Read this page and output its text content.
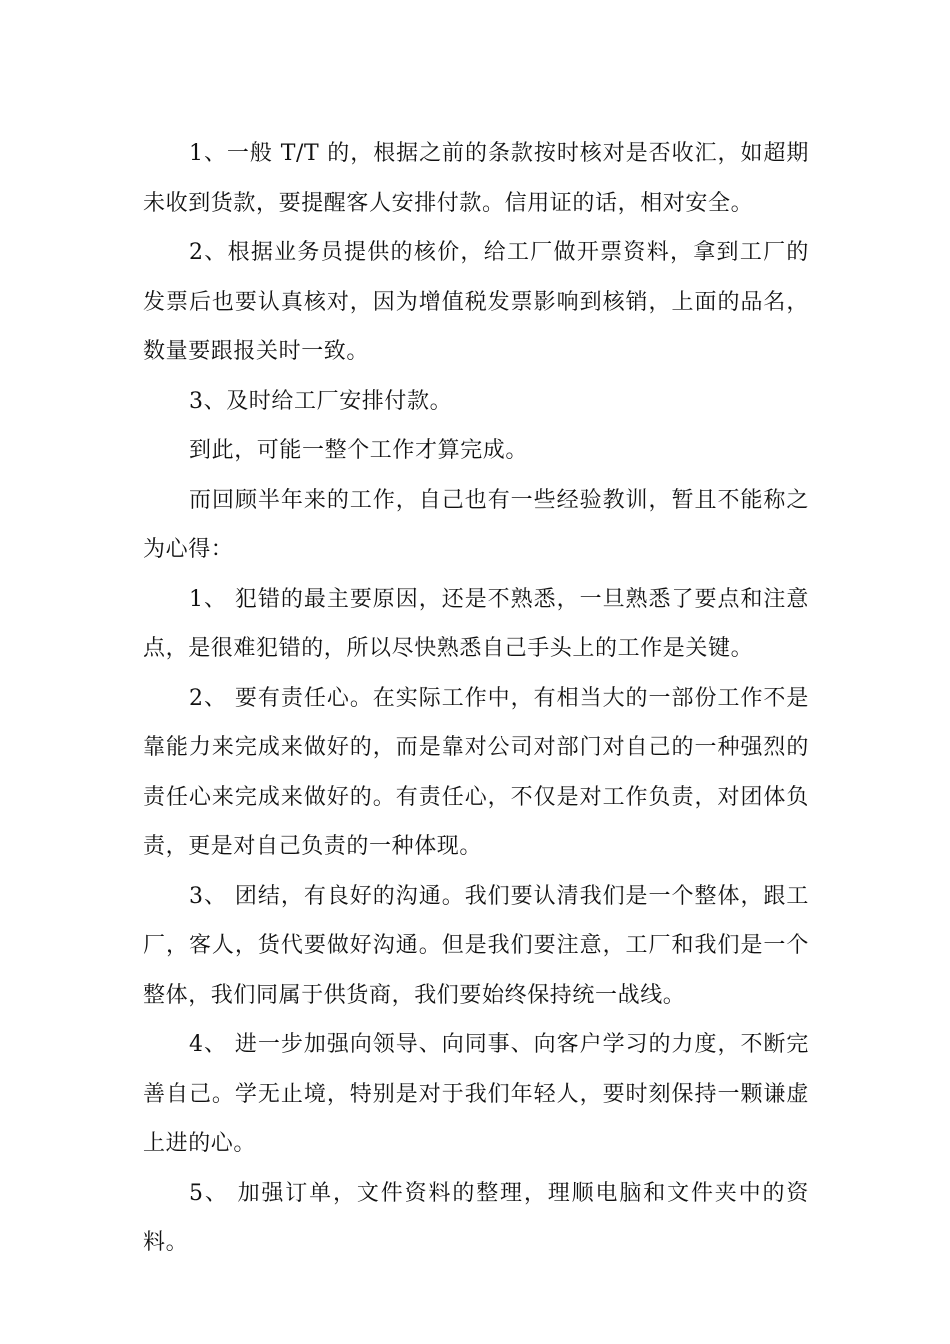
1、一般 T/T 的，根据之前的条款按时核对是否收汇，如超期未收到货款，要提醒客人安排付款。信用证的话，相对安全。

2、根据业务员提供的核价，给工厂做开票资料，拿到工厂的发票后也要认真核对，因为增值税发票影响到核销，上面的品名，数量要跟报关时一致。

3、及时给工厂安排付款。

到此，可能一整个工作才算完成。

而回顾半年来的工作，自己也有一些经验教训，暂且不能称之为心得：

1、 犯错的最主要原因，还是不熟悉，一旦熟悉了要点和注意点，是很难犯错的，所以尽快熟悉自己手头上的工作是关键。

2、 要有责任心。在实际工作中，有相当大的一部份工作不是靠能力来完成来做好的，而是靠对公司对部门对自己的一种强烈的责任心来完成来做好的。有责任心，不仅是对工作负责，对团体负责，更是对自己负责的一种体现。

3、 团结，有良好的沟通。我们要认清我们是一个整体，跟工厂，客人，货代要做好沟通。但是我们要注意，工厂和我们是一个整体，我们同属于供货商，我们要始终保持统一战线。

4、 进一步加强向领导、向同事、向客户学习的力度，不断完善自己。学无止境，特别是对于我们年轻人，要时刻保持一颗谦虚上进的心。

5、 加强订单，文件资料的整理，理顺电脑和文件夹中的资料。
